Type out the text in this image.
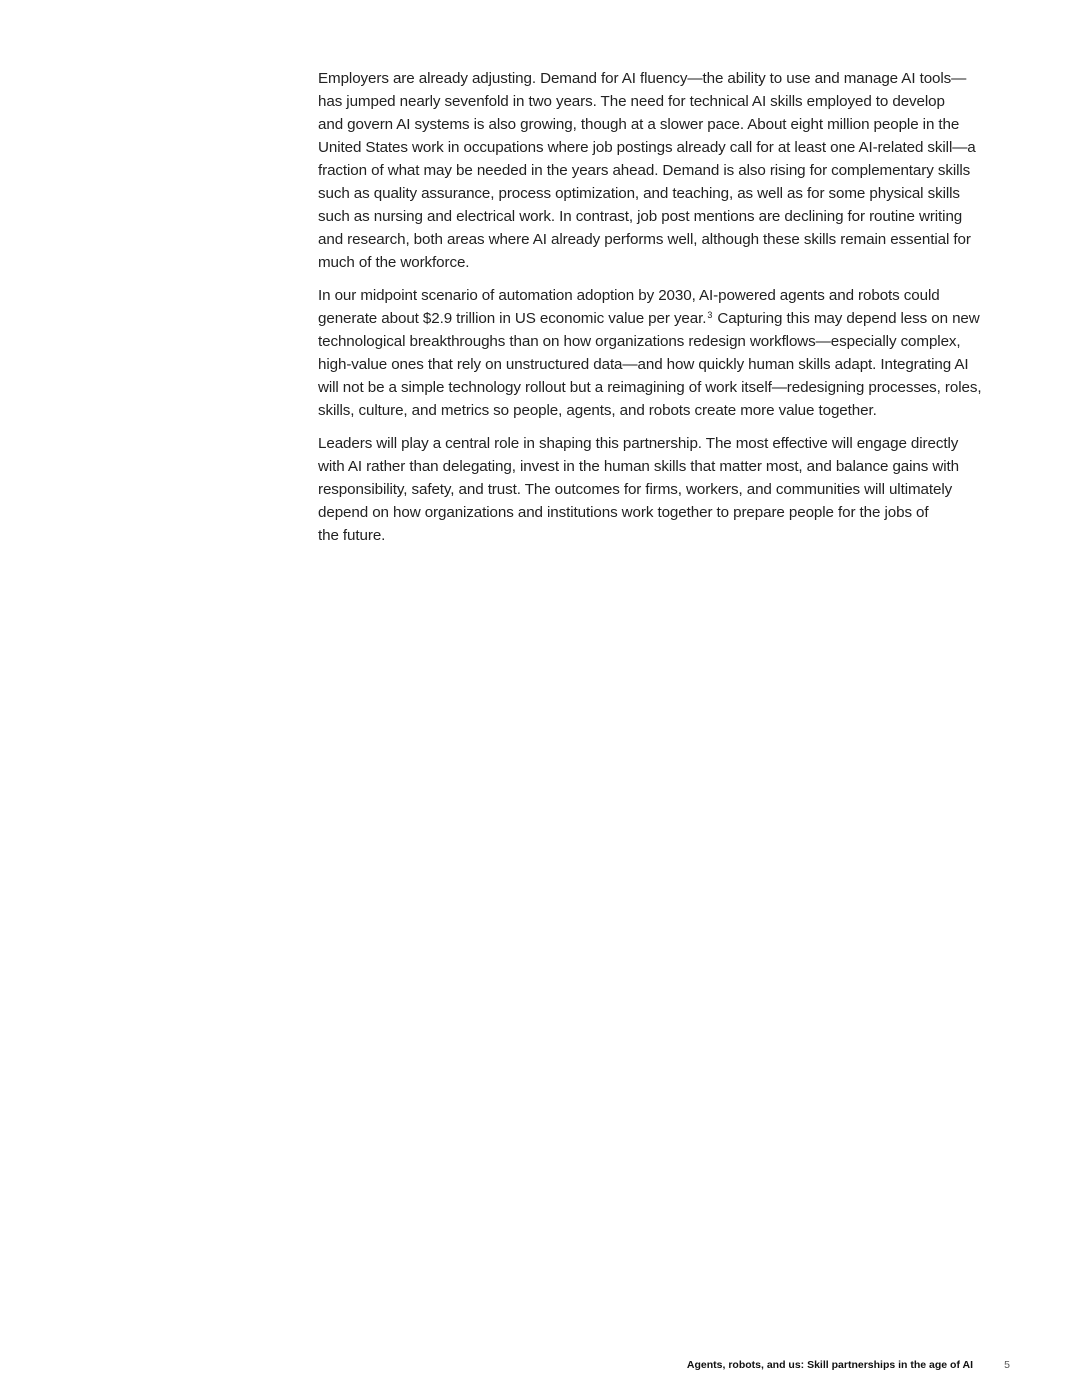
Employers are already adjusting. Demand for AI fluency—the ability to use and manage AI tools—
has jumped nearly sevenfold in two years. The need for technical AI skills employed to develop
and govern AI systems is also growing, though at a slower pace. About eight million people in the
United States work in occupations where job postings already call for at least one AI-related skill—a
fraction of what may be needed in the years ahead. Demand is also rising for complementary skills
such as quality assurance, process optimization, and teaching, as well as for some physical skills
such as nursing and electrical work. In contrast, job post mentions are declining for routine writing
and research, both areas where AI already performs well, although these skills remain essential for
much of the workforce.

In our midpoint scenario of automation adoption by 2030, AI-powered agents and robots could
generate about $2.9 trillion in US economic value per year.$^3$ Capturing this may depend less on new
technological breakthroughs than on how organizations redesign workflows—especially complex,
high-value ones that rely on unstructured data—and how quickly human skills adapt. Integrating AI
will not be a simple technology rollout but a reimagining of work itself—redesigning processes, roles,
skills, culture, and metrics so people, agents, and robots create more value together.

Leaders will play a central role in shaping this partnership. The most effective will engage directly
with AI rather than delegating, invest in the human skills that matter most, and balance gains with
responsibility, safety, and trust. The outcomes for firms, workers, and communities will ultimately
depend on how organizations and institutions work together to prepare people for the jobs of
the future.

Agents, robots, and us: Skill partnerships in the age of AI	5
